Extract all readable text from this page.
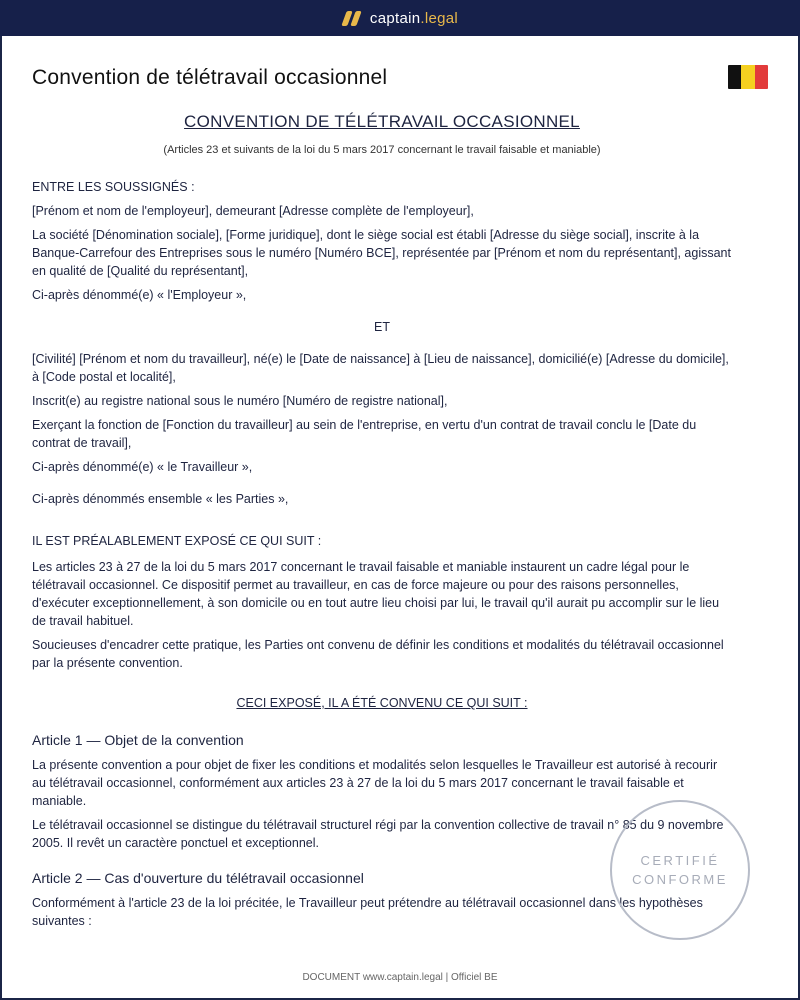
captain.legal
Convention de télétravail occasionnel
CONVENTION DE TÉLÉTRAVAIL OCCASIONNEL
(Articles 23 et suivants de la loi du 5 mars 2017 concernant le travail faisable et maniable)

ENTRE LES SOUSSIGNÉS :

[Prénom et nom de l'employeur], demeurant [Adresse complète de l'employeur],

La société [Dénomination sociale], [Forme juridique], dont le siège social est établi [Adresse du siège social], inscrite à la Banque-Carrefour des Entreprises sous le numéro [Numéro BCE], représentée par [Prénom et nom du représentant], agissant en qualité de [Qualité du représentant],

Ci-après dénommé(e) « l'Employeur »,

ET

[Civilité] [Prénom et nom du travailleur], né(e) le [Date de naissance] à [Lieu de naissance], domicilié(e) [Adresse du domicile], à [Code postal et localité],

Inscrit(e) au registre national sous le numéro [Numéro de registre national],

Exerçant la fonction de [Fonction du travailleur] au sein de l'entreprise, en vertu d'un contrat de travail conclu le [Date du contrat de travail],

Ci-après dénommé(e) « le Travailleur »,

Ci-après dénommés ensemble « les Parties »,

IL EST PRÉALABLEMENT EXPOSÉ CE QUI SUIT :

Les articles 23 à 27 de la loi du 5 mars 2017 concernant le travail faisable et maniable instaurent un cadre légal pour le télétravail occasionnel. Ce dispositif permet au travailleur, en cas de force majeure ou pour des raisons personnelles, d'exécuter exceptionnellement, à son domicile ou en tout autre lieu choisi par lui, le travail qu'il aurait pu accomplir sur le lieu de travail habituel.

Soucieuses d'encadrer cette pratique, les Parties ont convenu de définir les conditions et modalités du télétravail occasionnel par la présente convention.

CECI EXPOSÉ, IL A ÉTÉ CONVENU CE QUI SUIT :

Article 1 — Objet de la convention

La présente convention a pour objet de fixer les conditions et modalités selon lesquelles le Travailleur est autorisé à recourir au télétravail occasionnel, conformément aux articles 23 à 27 de la loi du 5 mars 2017 concernant le travail faisable et maniable.

Le télétravail occasionnel se distingue du télétravail structurel régi par la convention collective de travail n° 85 du 9 novembre 2005. Il revêt un caractère ponctuel et exceptionnel.

Article 2 — Cas d'ouverture du télétravail occasionnel

Conformément à l'article 23 de la loi précitée, le Travailleur peut prétendre au télétravail occasionnel dans les hypothèses suivantes :

CERTIFIÉ
CONFORME
DOCUMENT www.captain.legal | Officiel BE
